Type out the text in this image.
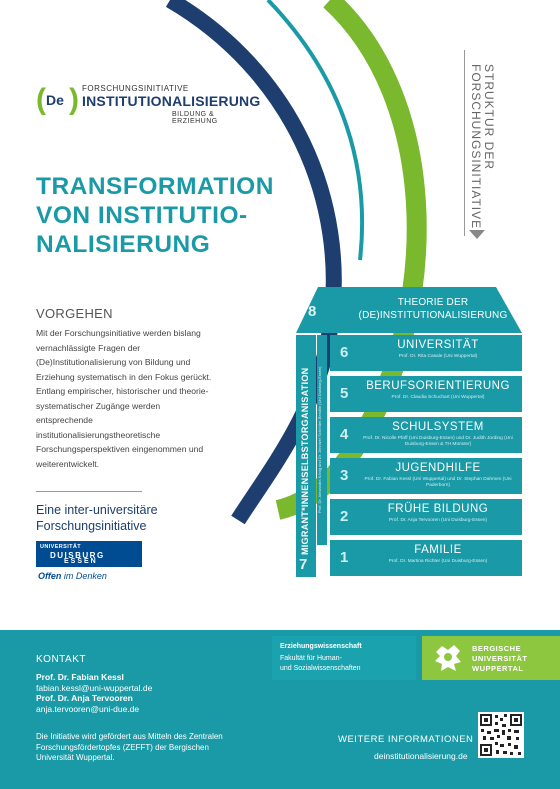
( De ) FORSCHUNGSINITIATIVE
INSTITUTIONALISIERUNG
BILDUNG & ERZIEHUNG	STRUKTUR DER FORSCHUNGSINITIATIVE
TRANSFORMATION
VON INSTITUTIO-
NALISIERUNG
VORGEHEN
Mit der Forschungsinitiative werden bislang vernachlässigte Fragen der (De)Institutionalisierung von Bildung und Erziehung systematisch in den Fokus gerückt. Entlang empirischer, historischer und theorie-systematischer Zugänge werden entsprechende institutionalisierungstheoretische Forschungsperspektiven eingenommen und weiterentwickelt.
Eine inter-universitäre
Forschungsinitiative
UNIVERSITÄT
DUISBURG
ESSEN
Offen im Denken
8
THEORIE DER (DE)INSTITUTIONALISIERUNG
MIGRANT*INNENSELBSTORGANISATION
7
Prof. Dr. Alexandra König und Dr. Jenniver Schröder-Bendlin (Uni Duisburg-Essen)
6	UNIVERSITÄT
Prof. Dr. Rita Casale (Uni Wuppertal)
5	BERUFSORIENTIERUNG
Prof. Dr. Claudia Schuchart (Uni Wuppertal)
4	SCHULSYSTEM
Prof. Dr. Nicolle Pfaff (Uni Duisburg-Essen) und Dr. Judith Jording (Uni Duisburg-Essen & TH Münster)
3	JUGENDHILFE
Prof. Dr. Fabian Kessl (Uni Wuppertal) und Dr. Stephan Dahmen (Uni Paderborn)
2	FRÜHE BILDUNG
Prof. Dr. Anja Tervooren (Uni Duisburg-Essen)
1	FAMILIE
Prof. Dr. Martina Richter (Uni Duisburg-Essen)
KONTAKT
Prof. Dr. Fabian Kessl
fabian.kessl@uni-wuppertal.de
Prof. Dr. Anja Tervooren
anja.tervooren@uni-due.de
Die Initiative wird gefördert aus Mitteln des Zentralen Forschungsfördertopfes (ZEFFT) der Bergischen Universität Wuppertal.
Erziehungswissenschaft
Fakultät für Human-
und Sozialwissenschaften
BERGISCHE
UNIVERSITÄT
WUPPERTAL
WEITERE INFORMATIONEN
deinstitutionalisierung.de
